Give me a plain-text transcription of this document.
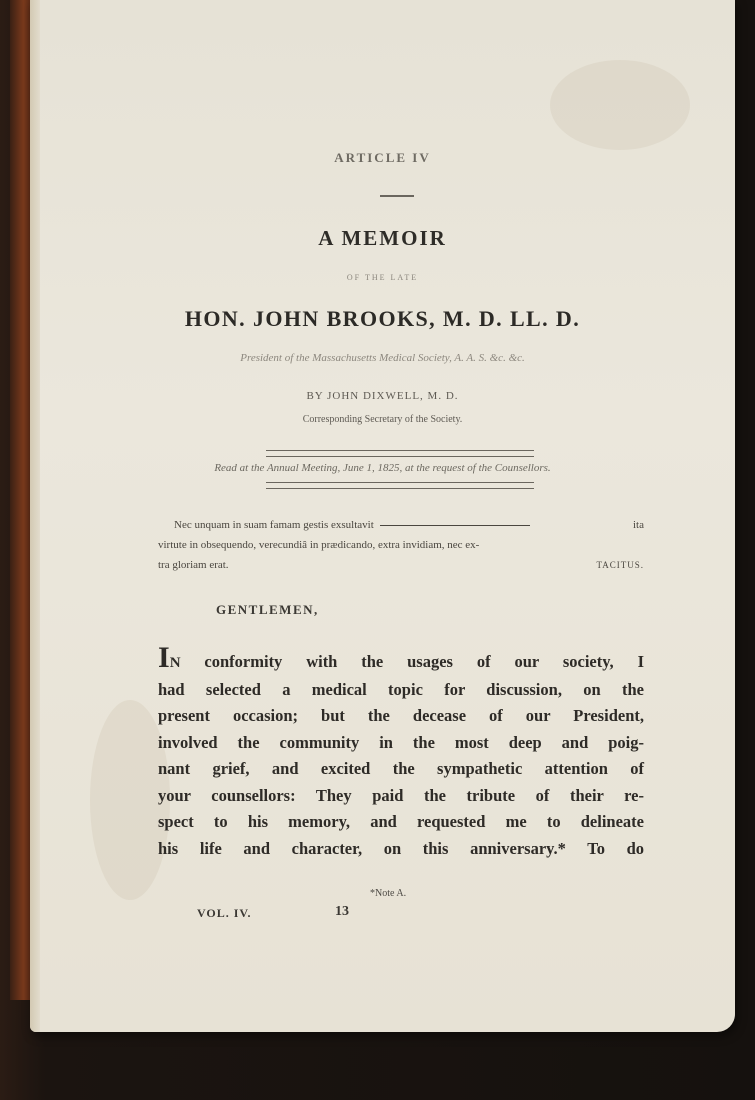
ARTICLE IV
A MEMOIR
OF THE LATE
HON. JOHN BROOKS, M. D. LL. D.
President of the Massachusetts Medical Society, A. A. S. &c. &c.
BY JOHN DIXWELL, M. D.
Corresponding Secretary of the Society.
Read at the Annual Meeting, June 1, 1825, at the request of the Counsellors.
Nec unquam in suam famam gestis exsultavit	ita
virtute in obsequendo, verecundiâ in prædicando, extra invidiam, nec ex-
tra gloriam erat.	TACITUS.
GENTLEMEN,
IN conformity with the usages of our society, I
had selected a medical topic for discussion, on the
present occasion; but the decease of our President,
involved the community in the most deep and poig-
nant grief, and excited the sympathetic attention of
your counsellors: They paid the tribute of their re-
spect to his memory, and requested me to delineate
his life and character, on this anniversary.* To do
*Note A.
VOL. IV.	13
